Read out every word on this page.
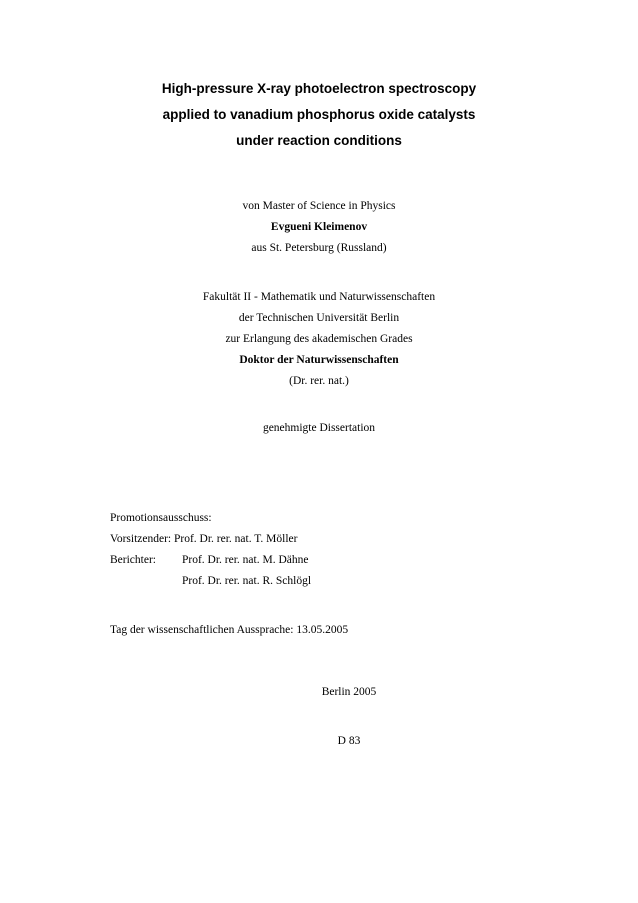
High-pressure X-ray photoelectron spectroscopy
applied to vanadium phosphorus oxide catalysts
under reaction conditions
von Master of Science in Physics
Evgueni Kleimenov
aus St. Petersburg (Russland)
Fakultät II - Mathematik und Naturwissenschaften
der Technischen Universität Berlin
zur Erlangung des akademischen Grades
Doktor der Naturwissenschaften
(Dr. rer. nat.)
genehmigte Dissertation
Promotionsausschuss:
Vorsitzender: Prof. Dr. rer. nat. T. Möller
Berichter: Prof. Dr. rer. nat. M. Dähne
Prof. Dr. rer. nat. R. Schlögl
Tag der wissenschaftlichen Aussprache: 13.05.2005
Berlin 2005
D 83
